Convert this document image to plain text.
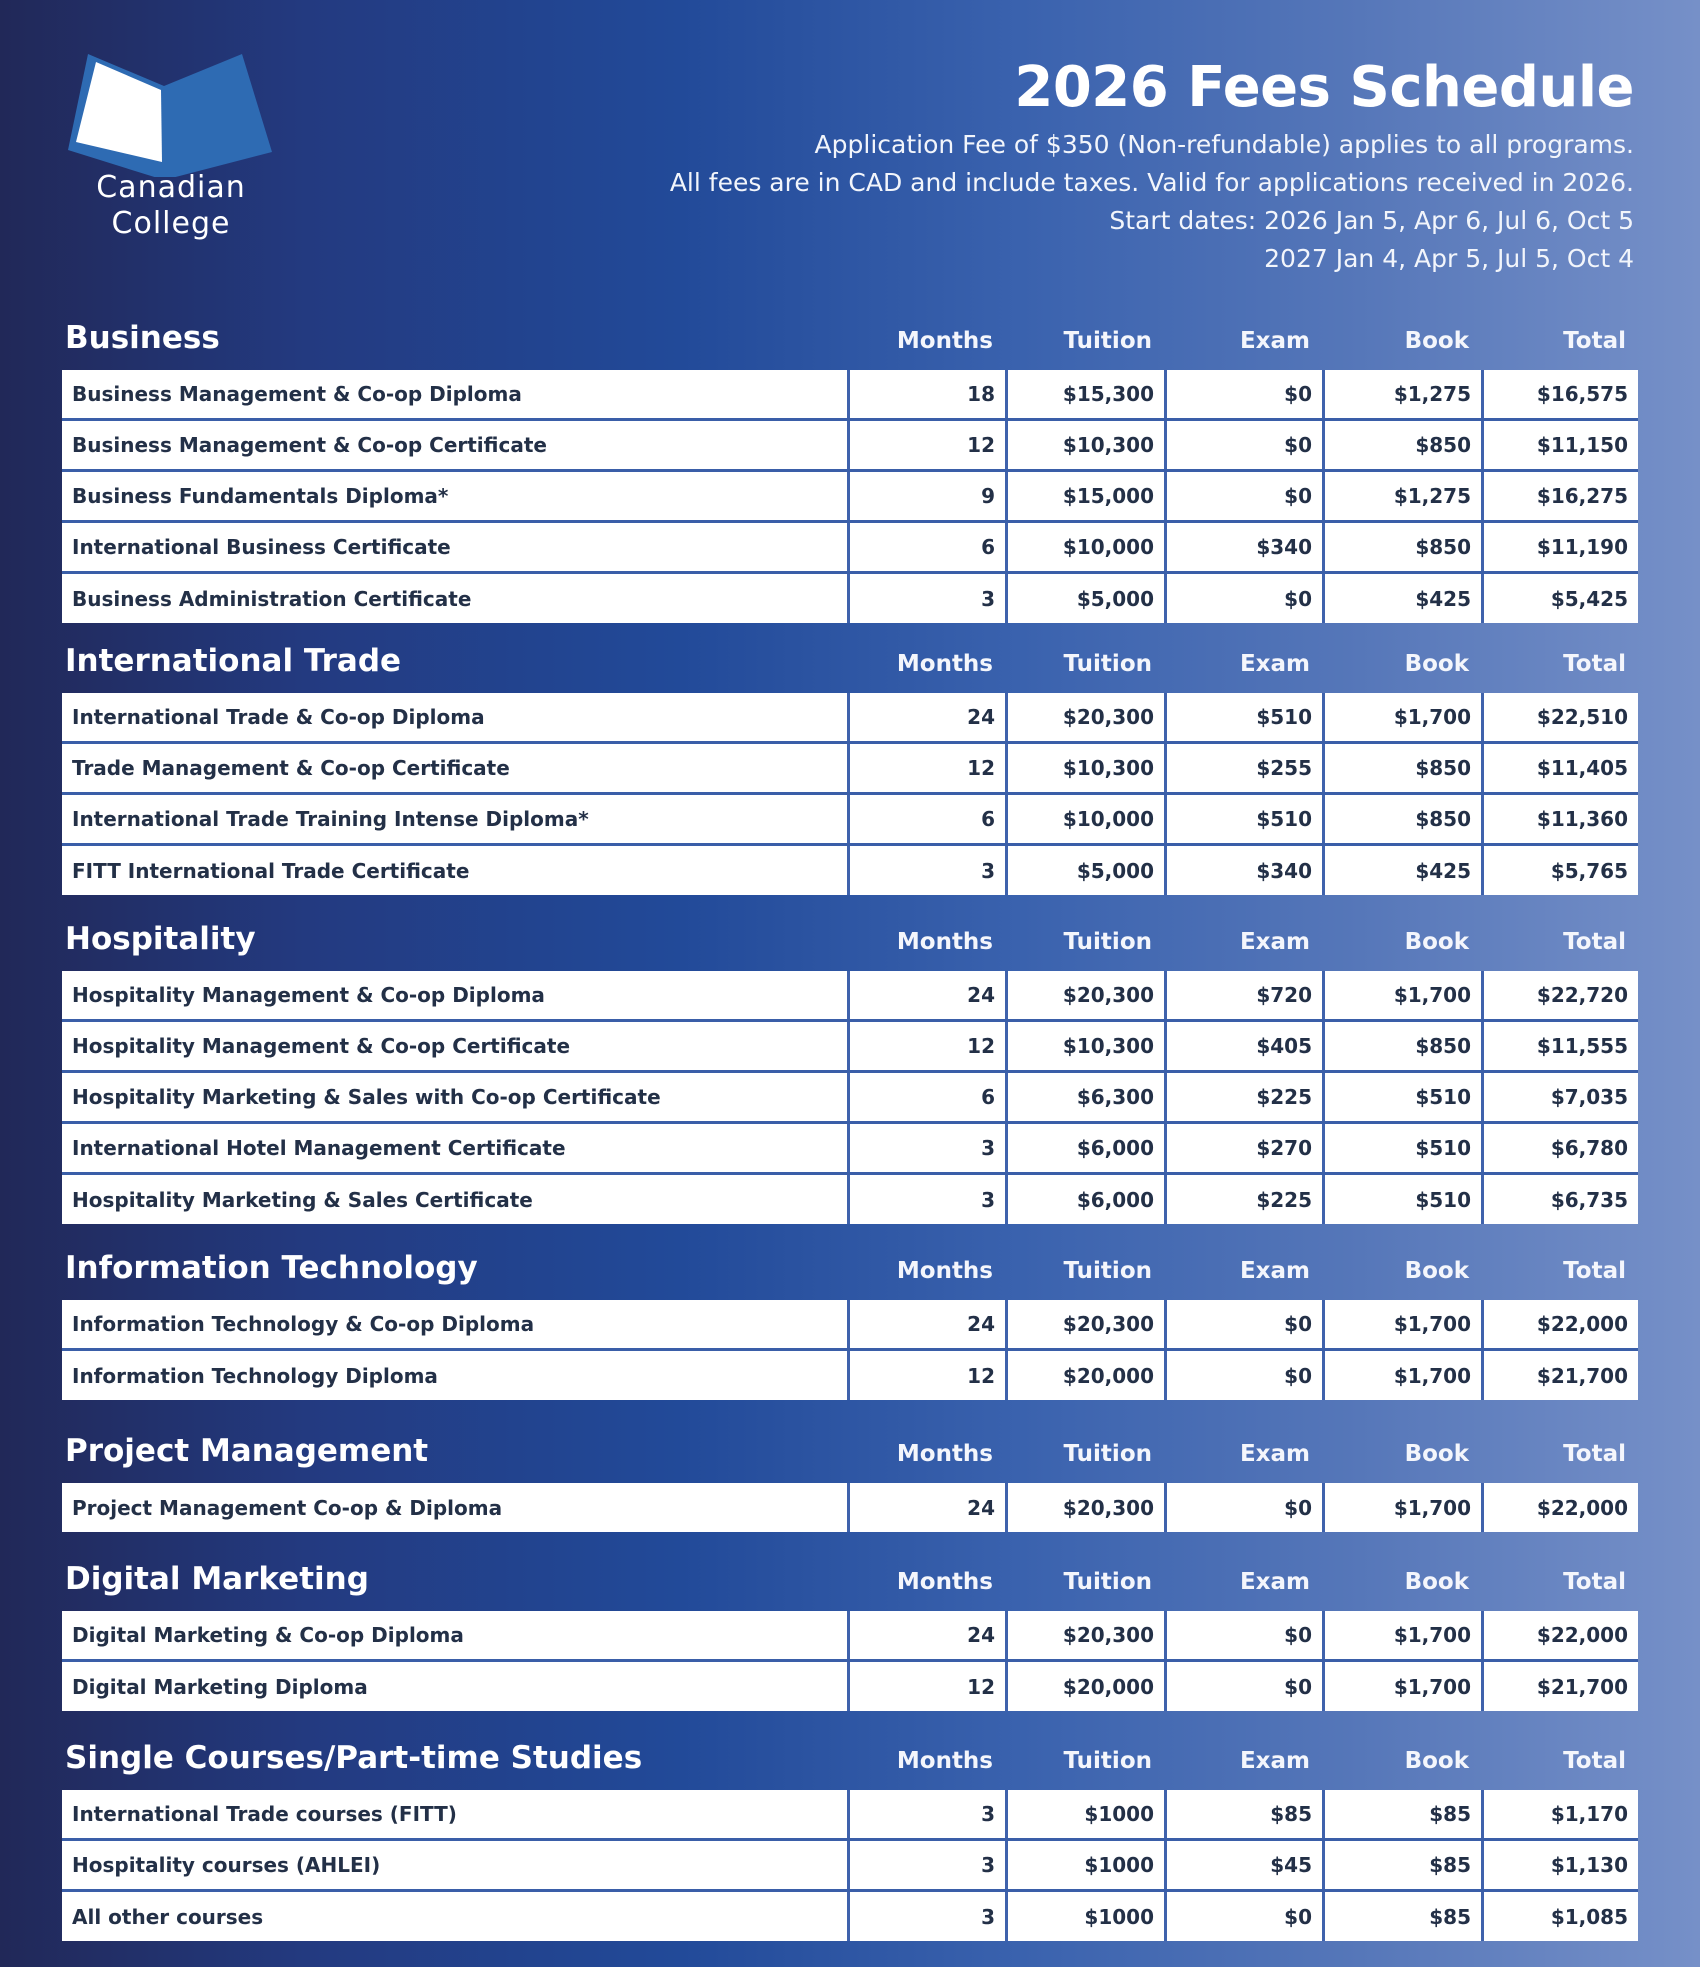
Canadian
College
2026 Fees Schedule
Application Fee of $350 (Non-refundable) applies to all programs.
All fees are in CAD and include taxes. Valid for applications received in 2026.
Start dates: 2026 Jan 5, Apr 6, Jul 6, Oct 5
2027 Jan 4, Apr 5, Jul 5, Oct 4
Business	Months	Tuition	Exam	Book	Total
Business Management & Co-op Diploma	18	$15,300	$0	$1,275	$16,575
Business Management & Co-op Certificate	12	$10,300	$0	$850	$11,150
Business Fundamentals Diploma*	9	$15,000	$0	$1,275	$16,275
International Business Certificate	6	$10,000	$340	$850	$11,190
Business Administration Certificate	3	$5,000	$0	$425	$5,425
International Trade	Months	Tuition	Exam	Book	Total
International Trade & Co-op Diploma	24	$20,300	$510	$1,700	$22,510
Trade Management & Co-op Certificate	12	$10,300	$255	$850	$11,405
International Trade Training Intense Diploma*	6	$10,000	$510	$850	$11,360
FITT International Trade Certificate	3	$5,000	$340	$425	$5,765
Hospitality	Months	Tuition	Exam	Book	Total
Hospitality Management & Co-op Diploma	24	$20,300	$720	$1,700	$22,720
Hospitality Management & Co-op Certificate	12	$10,300	$405	$850	$11,555
Hospitality Marketing & Sales with Co-op Certificate	6	$6,300	$225	$510	$7,035
International Hotel Management Certificate	3	$6,000	$270	$510	$6,780
Hospitality Marketing & Sales Certificate	3	$6,000	$225	$510	$6,735
Information Technology	Months	Tuition	Exam	Book	Total
Information Technology & Co-op Diploma	24	$20,300	$0	$1,700	$22,000
Information Technology Diploma	12	$20,000	$0	$1,700	$21,700
Project Management	Months	Tuition	Exam	Book	Total
Project Management Co-op & Diploma	24	$20,300	$0	$1,700	$22,000
Digital Marketing	Months	Tuition	Exam	Book	Total
Digital Marketing & Co-op Diploma	24	$20,300	$0	$1,700	$22,000
Digital Marketing Diploma	12	$20,000	$0	$1,700	$21,700
Single Courses/Part-time Studies	Months	Tuition	Exam	Book	Total
International Trade courses (FITT)	3	$1000	$85	$85	$1,170
Hospitality courses (AHLEI)	3	$1000	$45	$85	$1,130
All other courses	3	$1000	$0	$85	$1,085
